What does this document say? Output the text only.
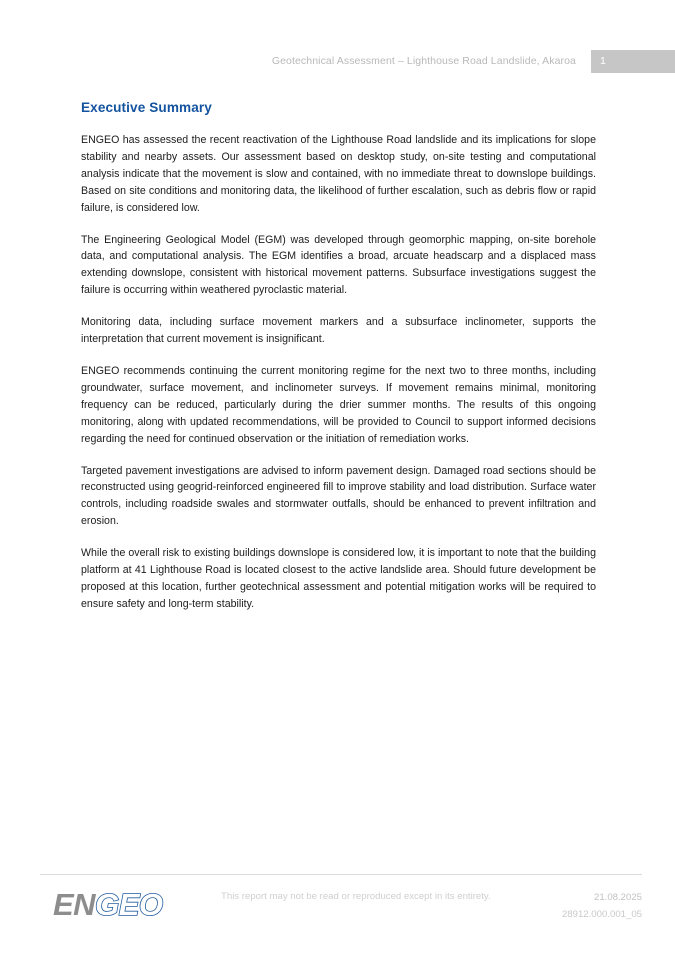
Geotechnical Assessment – Lighthouse Road Landslide, Akaroa 1
Executive Summary

ENGEO has assessed the recent reactivation of the Lighthouse Road landslide and its implications for slope stability and nearby assets. Our assessment based on desktop study, on-site testing and computational analysis indicate that the movement is slow and contained, with no immediate threat to downslope buildings. Based on site conditions and monitoring data, the likelihood of further escalation, such as debris flow or rapid failure, is considered low.

The Engineering Geological Model (EGM) was developed through geomorphic mapping, on-site borehole data, and computational analysis. The EGM identifies a broad, arcuate headscarp and a displaced mass extending downslope, consistent with historical movement patterns. Subsurface investigations suggest the failure is occurring within weathered pyroclastic material.

Monitoring data, including surface movement markers and a subsurface inclinometer, supports the interpretation that current movement is insignificant.

ENGEO recommends continuing the current monitoring regime for the next two to three months, including groundwater, surface movement, and inclinometer surveys. If movement remains minimal, monitoring frequency can be reduced, particularly during the drier summer months. The results of this ongoing monitoring, along with updated recommendations, will be provided to Council to support informed decisions regarding the need for continued observation or the initiation of remediation works.

Targeted pavement investigations are advised to inform pavement design. Damaged road sections should be reconstructed using geogrid-reinforced engineered fill to improve stability and load distribution. Surface water controls, including roadside swales and stormwater outfalls, should be enhanced to prevent infiltration and erosion.

While the overall risk to existing buildings downslope is considered low, it is important to note that the building platform at 41 Lighthouse Road is located closest to the active landslide area. Should future development be proposed at this location, further geotechnical assessment and potential mitigation works will be required to ensure safety and long-term stability.

ENGEO	This report may not be read or reproduced except in its entirety.	21.08.2025
28912.000.001_05
